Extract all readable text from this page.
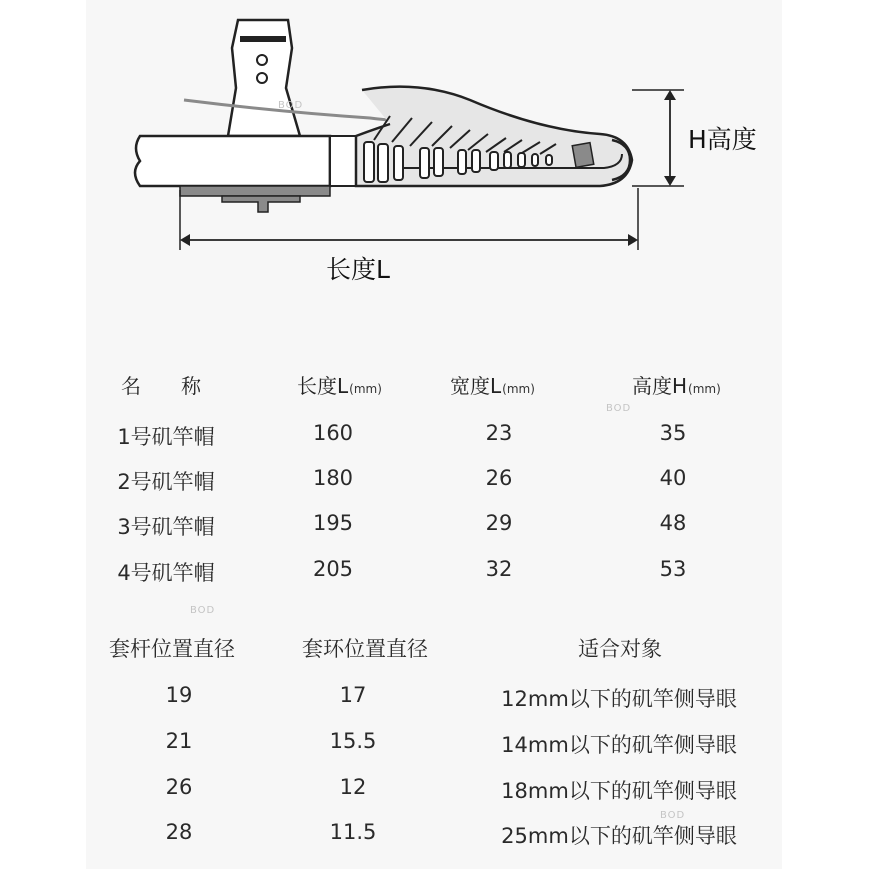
H高度
长度L
BOD
名　　称	长度L(mm)	宽度L(mm)	高度H(mm)
BOD
1号矶竿帽	160	23	35
2号矶竿帽	180	26	40
3号矶竿帽	195	29	48
4号矶竿帽	205	32	53
BOD
套杆位置直径	套环位置直径	适合对象
19	17	12mm以下的矶竿侧导眼
21	15.5	14mm以下的矶竿侧导眼
26	12	18mm以下的矶竿侧导眼
BOD
28	11.5	25mm以下的矶竿侧导眼
